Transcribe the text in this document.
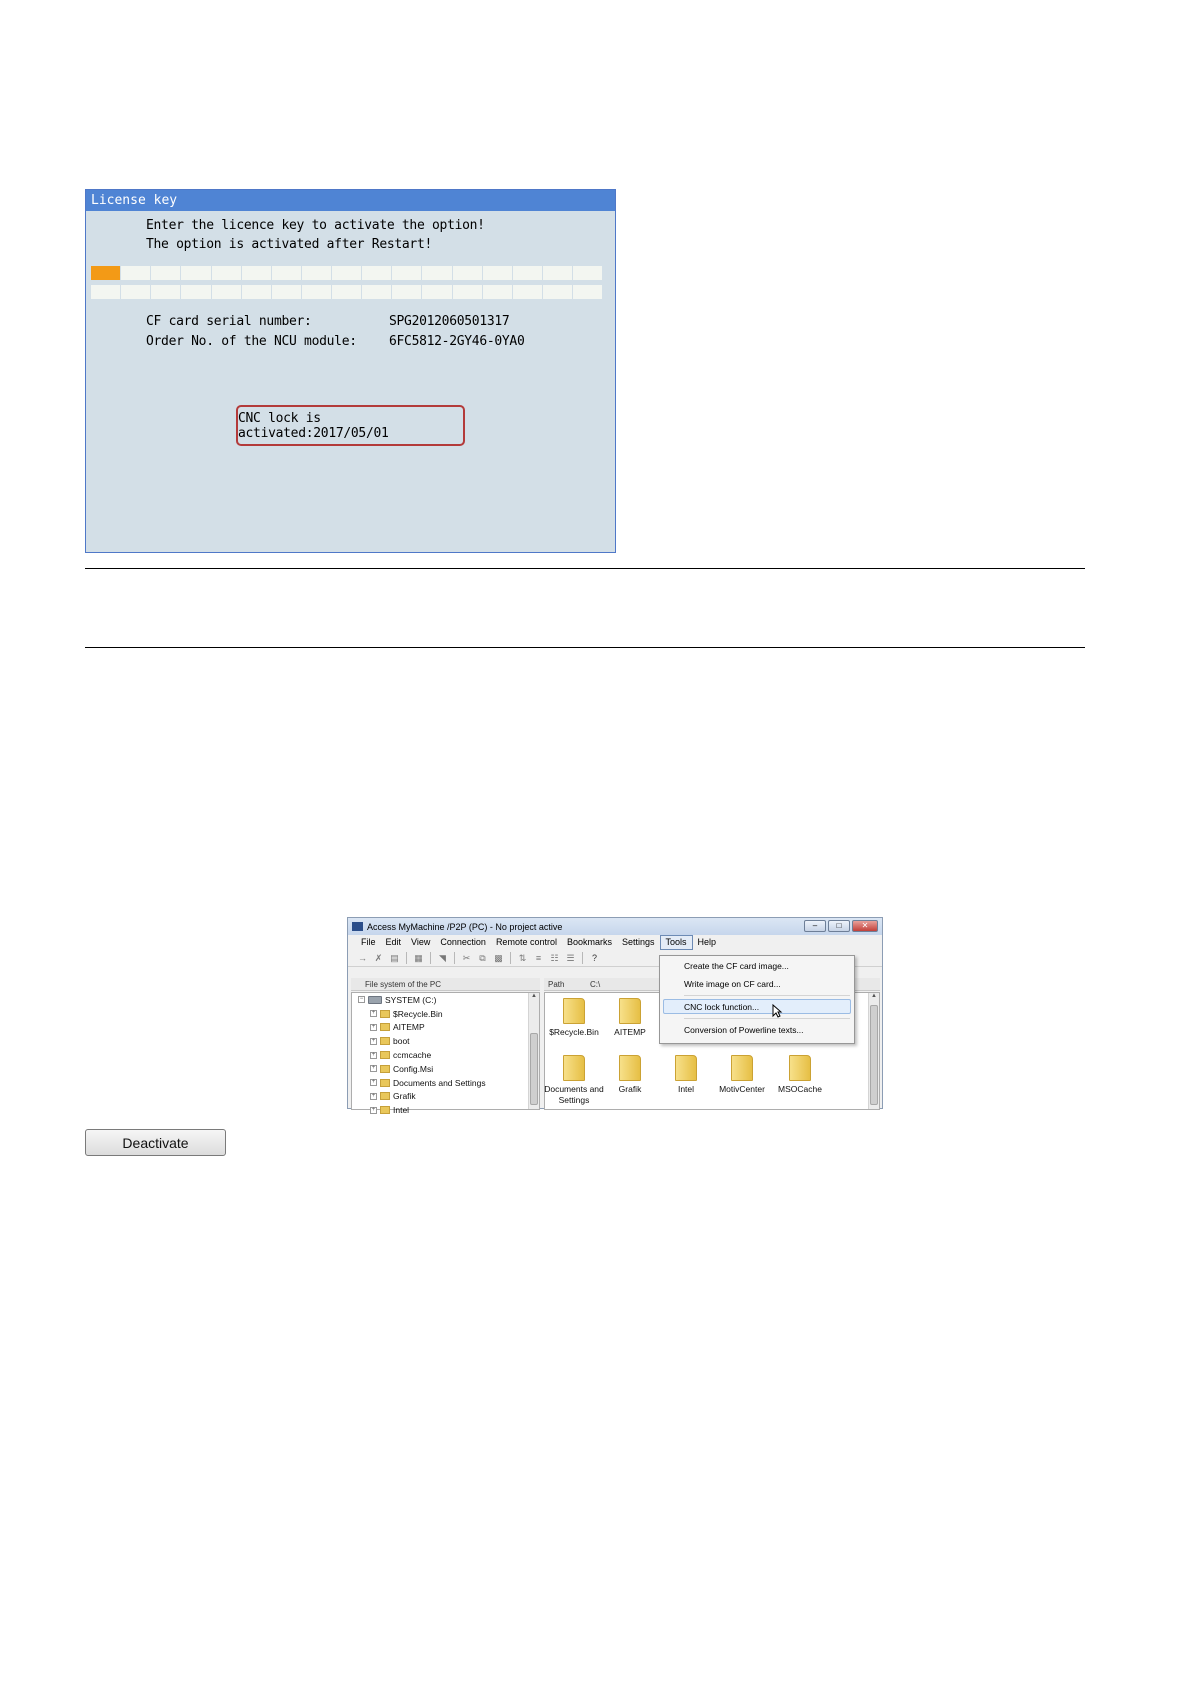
License key
Enter the licence key to activate the option!
The option is activated after Restart!
CF card serial number:	SPG2012060501317
Order No. of the NCU module: 6FC5812-2GY46-0YA0
CNC lock is activated:2017/05/01
Access MyMachine /P2P (PC) - No project active	–	□	✕
File	Edit	View	Connection	Remote control	Bookmarks	Settings	Tools	Help
→ ✗ ▤ ▦	◥	✂	⧉ ▩	⇅	≡	☷ ☰	?
File system of the PC	Path	C:\
−	SYSTEM (C:)
+ $Recycle.Bin
+ AITEMP
+ boot
+ ccmcache
+ Config.Msi
+ Documents and Settings
+ Grafik
+ Intel
▲
$Recycle.Bin	AITEMP
Documents and Settings
Grafik	Intel	MotivCenter	MSOCache
▲
Create the CF card image...
Write image on CF card...
CNC lock function...
Conversion of Powerline texts...
Deactivate
